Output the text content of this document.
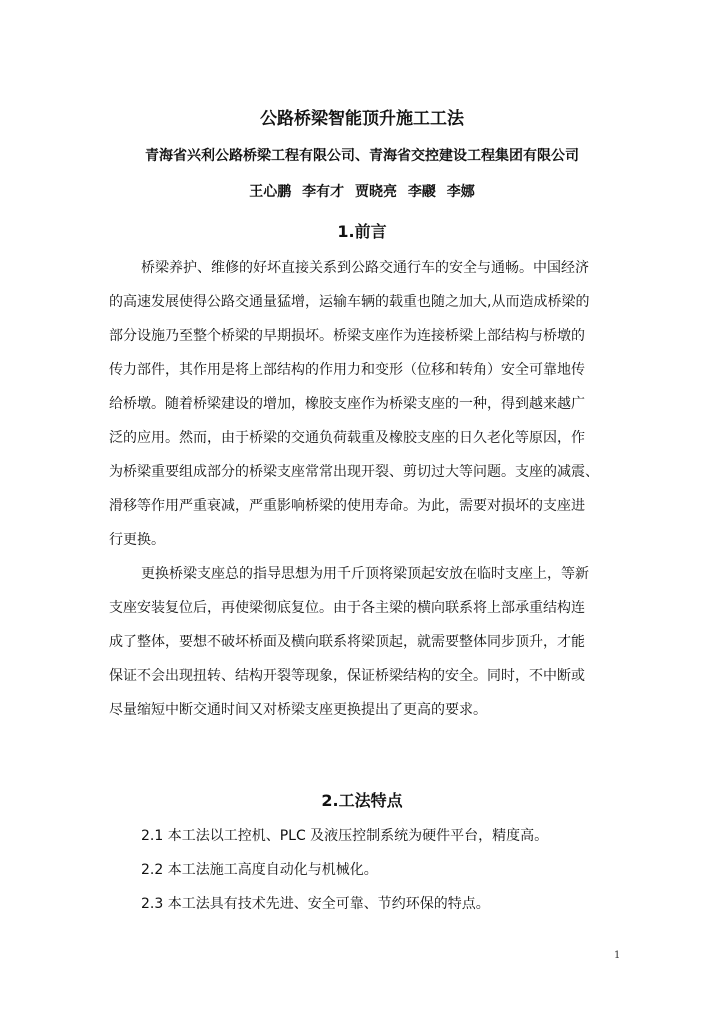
公路桥梁智能顶升施工工法
青海省兴利公路桥梁工程有限公司、青海省交控建设工程集团有限公司
王心鹏 李有才 贾晓亮 李鬷 李娜
1.前言
桥梁养护、维修的好坏直接关系到公路交通行车的安全与通畅。中国经济
的高速发展使得公路交通量猛增，运输车辆的载重也随之加大,从而造成桥梁的
部分设施乃至整个桥梁的早期损坏。桥梁支座作为连接桥梁上部结构与桥墩的
传力部件，其作用是将上部结构的作用力和变形（位移和转角）安全可靠地传
给桥墩。随着桥梁建设的增加，橡胶支座作为桥梁支座的一种，得到越来越广
泛的应用。然而，由于桥梁的交通负荷载重及橡胶支座的日久老化等原因，作
为桥梁重要组成部分的桥梁支座常常出现开裂、剪切过大等问题。支座的减震、
滑移等作用严重衰减，严重影响桥梁的使用寿命。为此，需要对损坏的支座进
行更换。
更换桥梁支座总的指导思想为用千斤顶将梁顶起安放在临时支座上，等新
支座安装复位后，再使梁彻底复位。由于各主梁的横向联系将上部承重结构连
成了整体，要想不破坏桥面及横向联系将梁顶起，就需要整体同步顶升，才能
保证不会出现扭转、结构开裂等现象，保证桥梁结构的安全。同时，不中断或
尽量缩短中断交通时间又对桥梁支座更换提出了更高的要求。
2.工法特点
2.1 本工法以工控机、PLC 及液压控制系统为硬件平台，精度高。
2.2 本工法施工高度自动化与机械化。
2.3 本工法具有技术先进、安全可靠、节约环保的特点。
1
